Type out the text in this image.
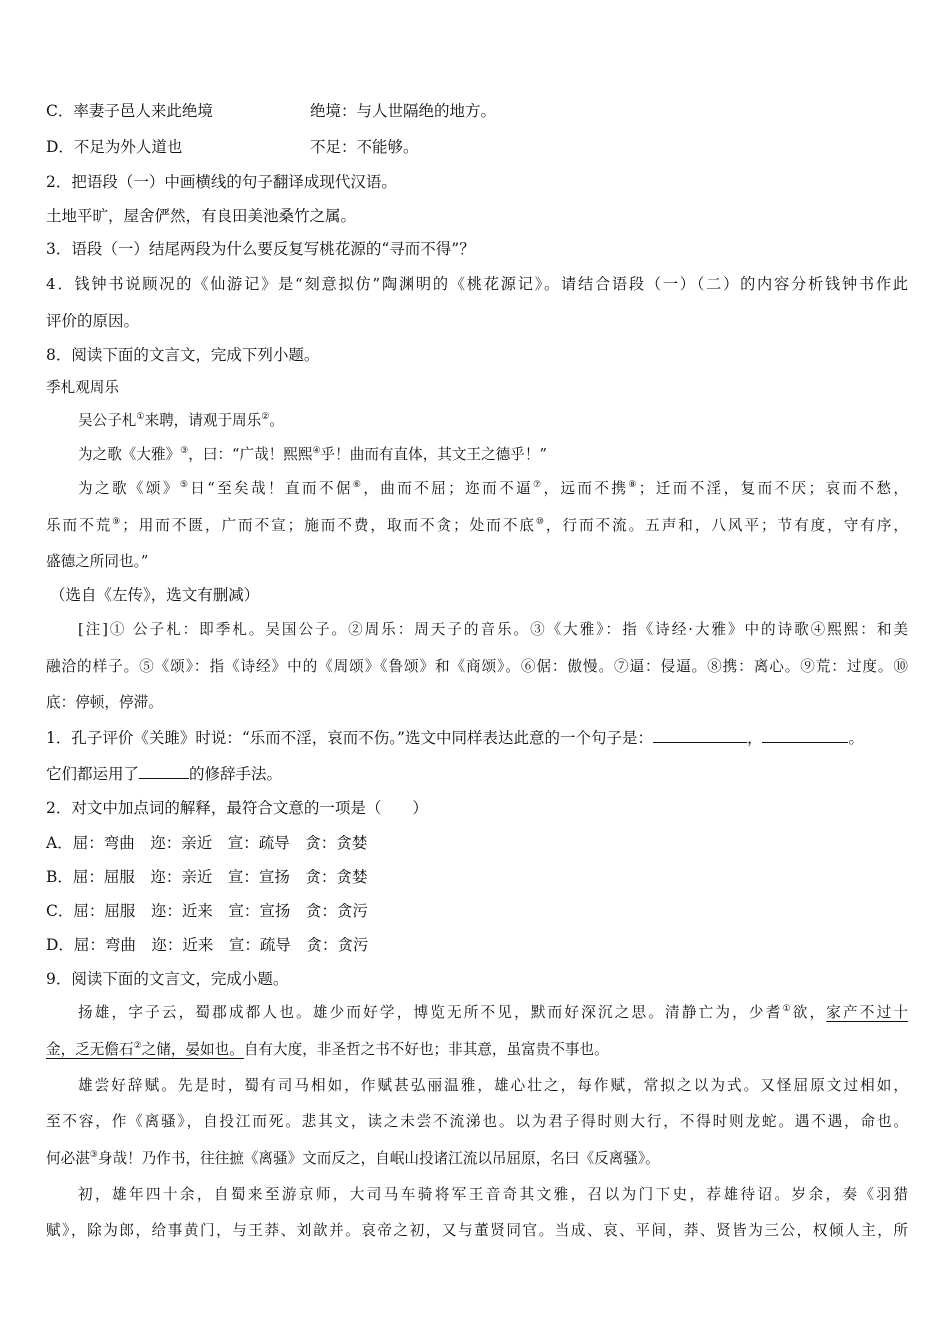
C．率妻子邑人来此绝境	绝境：与人世隔绝的地方。
D．不足为外人道也	不足：不能够。
2．把语段（一）中画横线的句子翻译成现代汉语。
土地平旷，屋舍俨然，有良田美池桑竹之属。
3．语段（一）结尾两段为什么要反复写桃花源的“寻而不得”？
4．钱钟书说顾况的《仙游记》是“刻意拟仿”陶渊明的《桃花源记》。请结合语段（一）（二）的内容分析钱钟书作此
评价的原因。
8．阅读下面的文言文，完成下列小题。
季札观周乐
吴公子札①来聘，请观于周乐②。
为之歌《大雅》③，曰：“广哉！熙熙④乎！曲而有直体，其文王之德乎！”
为之歌《颂》⑤日“至矣哉！直而不倨⑥，曲而不屈；迩而不逼⑦，远而不携⑧；迁而不淫，复而不厌；哀而不愁，
乐而不荒⑨；用而不匮，广而不宣；施而不费，取而不贪；处而不底⑩，行而不流。五声和，八风平；节有度，守有序，
盛德之所同也。”
（选自《左传》，选文有删减）
[注]① 公子札：即季札。吴国公子。②周乐：周天子的音乐。③《大雅》：指《诗经·大雅》中的诗歌④熙熙：和美
融洽的样子。⑤《颂》：指《诗经》中的《周颂》《鲁颂》和《商颂》。⑥倨：傲慢。⑦逼：侵逼。⑧携：离心。⑨荒：过度。⑩
底：停顿，停滞。
1．孔子评价《关雎》时说：“乐而不淫，哀而不伤。”选文中同样表达此意的一个句子是：	，	。
它们都运用了	的修辞手法。
2．对文中加点词的解释，最符合文意的一项是（　　）
A．屈：弯曲　迩：亲近　宣：疏导　贪：贪婪
B．屈：屈服　迩：亲近　宣：宣扬　贪：贪婪
C．屈：屈服　迩：近来　宣：宣扬　贪：贪污
D．屈：弯曲　迩：近来　宣：疏导　贪：贪污
9．阅读下面的文言文，完成小题。
扬雄，字子云，蜀郡成都人也。雄少而好学，博览无所不见，默而好深沉之思。清静亡为，少耆①欲，家产不过十
金，乏无儋石②之储，晏如也。自有大度，非圣哲之书不好也；非其意，虽富贵不事也。
雄尝好辞赋。先是时，蜀有司马相如，作赋甚弘丽温雅，雄心壮之，每作赋，常拟之以为式。又怪屈原文过相如，
至不容，作《离骚》，自投江而死。悲其文，读之未尝不流涕也。以为君子得时则大行，不得时则龙蛇。遇不遇，命也。
何必湛③身哉！乃作书，往往摭《离骚》文而反之，自岷山投诸江流以吊屈原，名曰《反离骚》。
初，雄年四十余，自蜀来至游京师，大司马车骑将军王音奇其文雅，召以为门下史，荐雄待诏。岁余，奏《羽猎
赋》，除为郎，给事黄门，与王莽、刘歆并。哀帝之初，又与董贤同官。当成、哀、平间，莽、贤皆为三公，权倾人主，所
